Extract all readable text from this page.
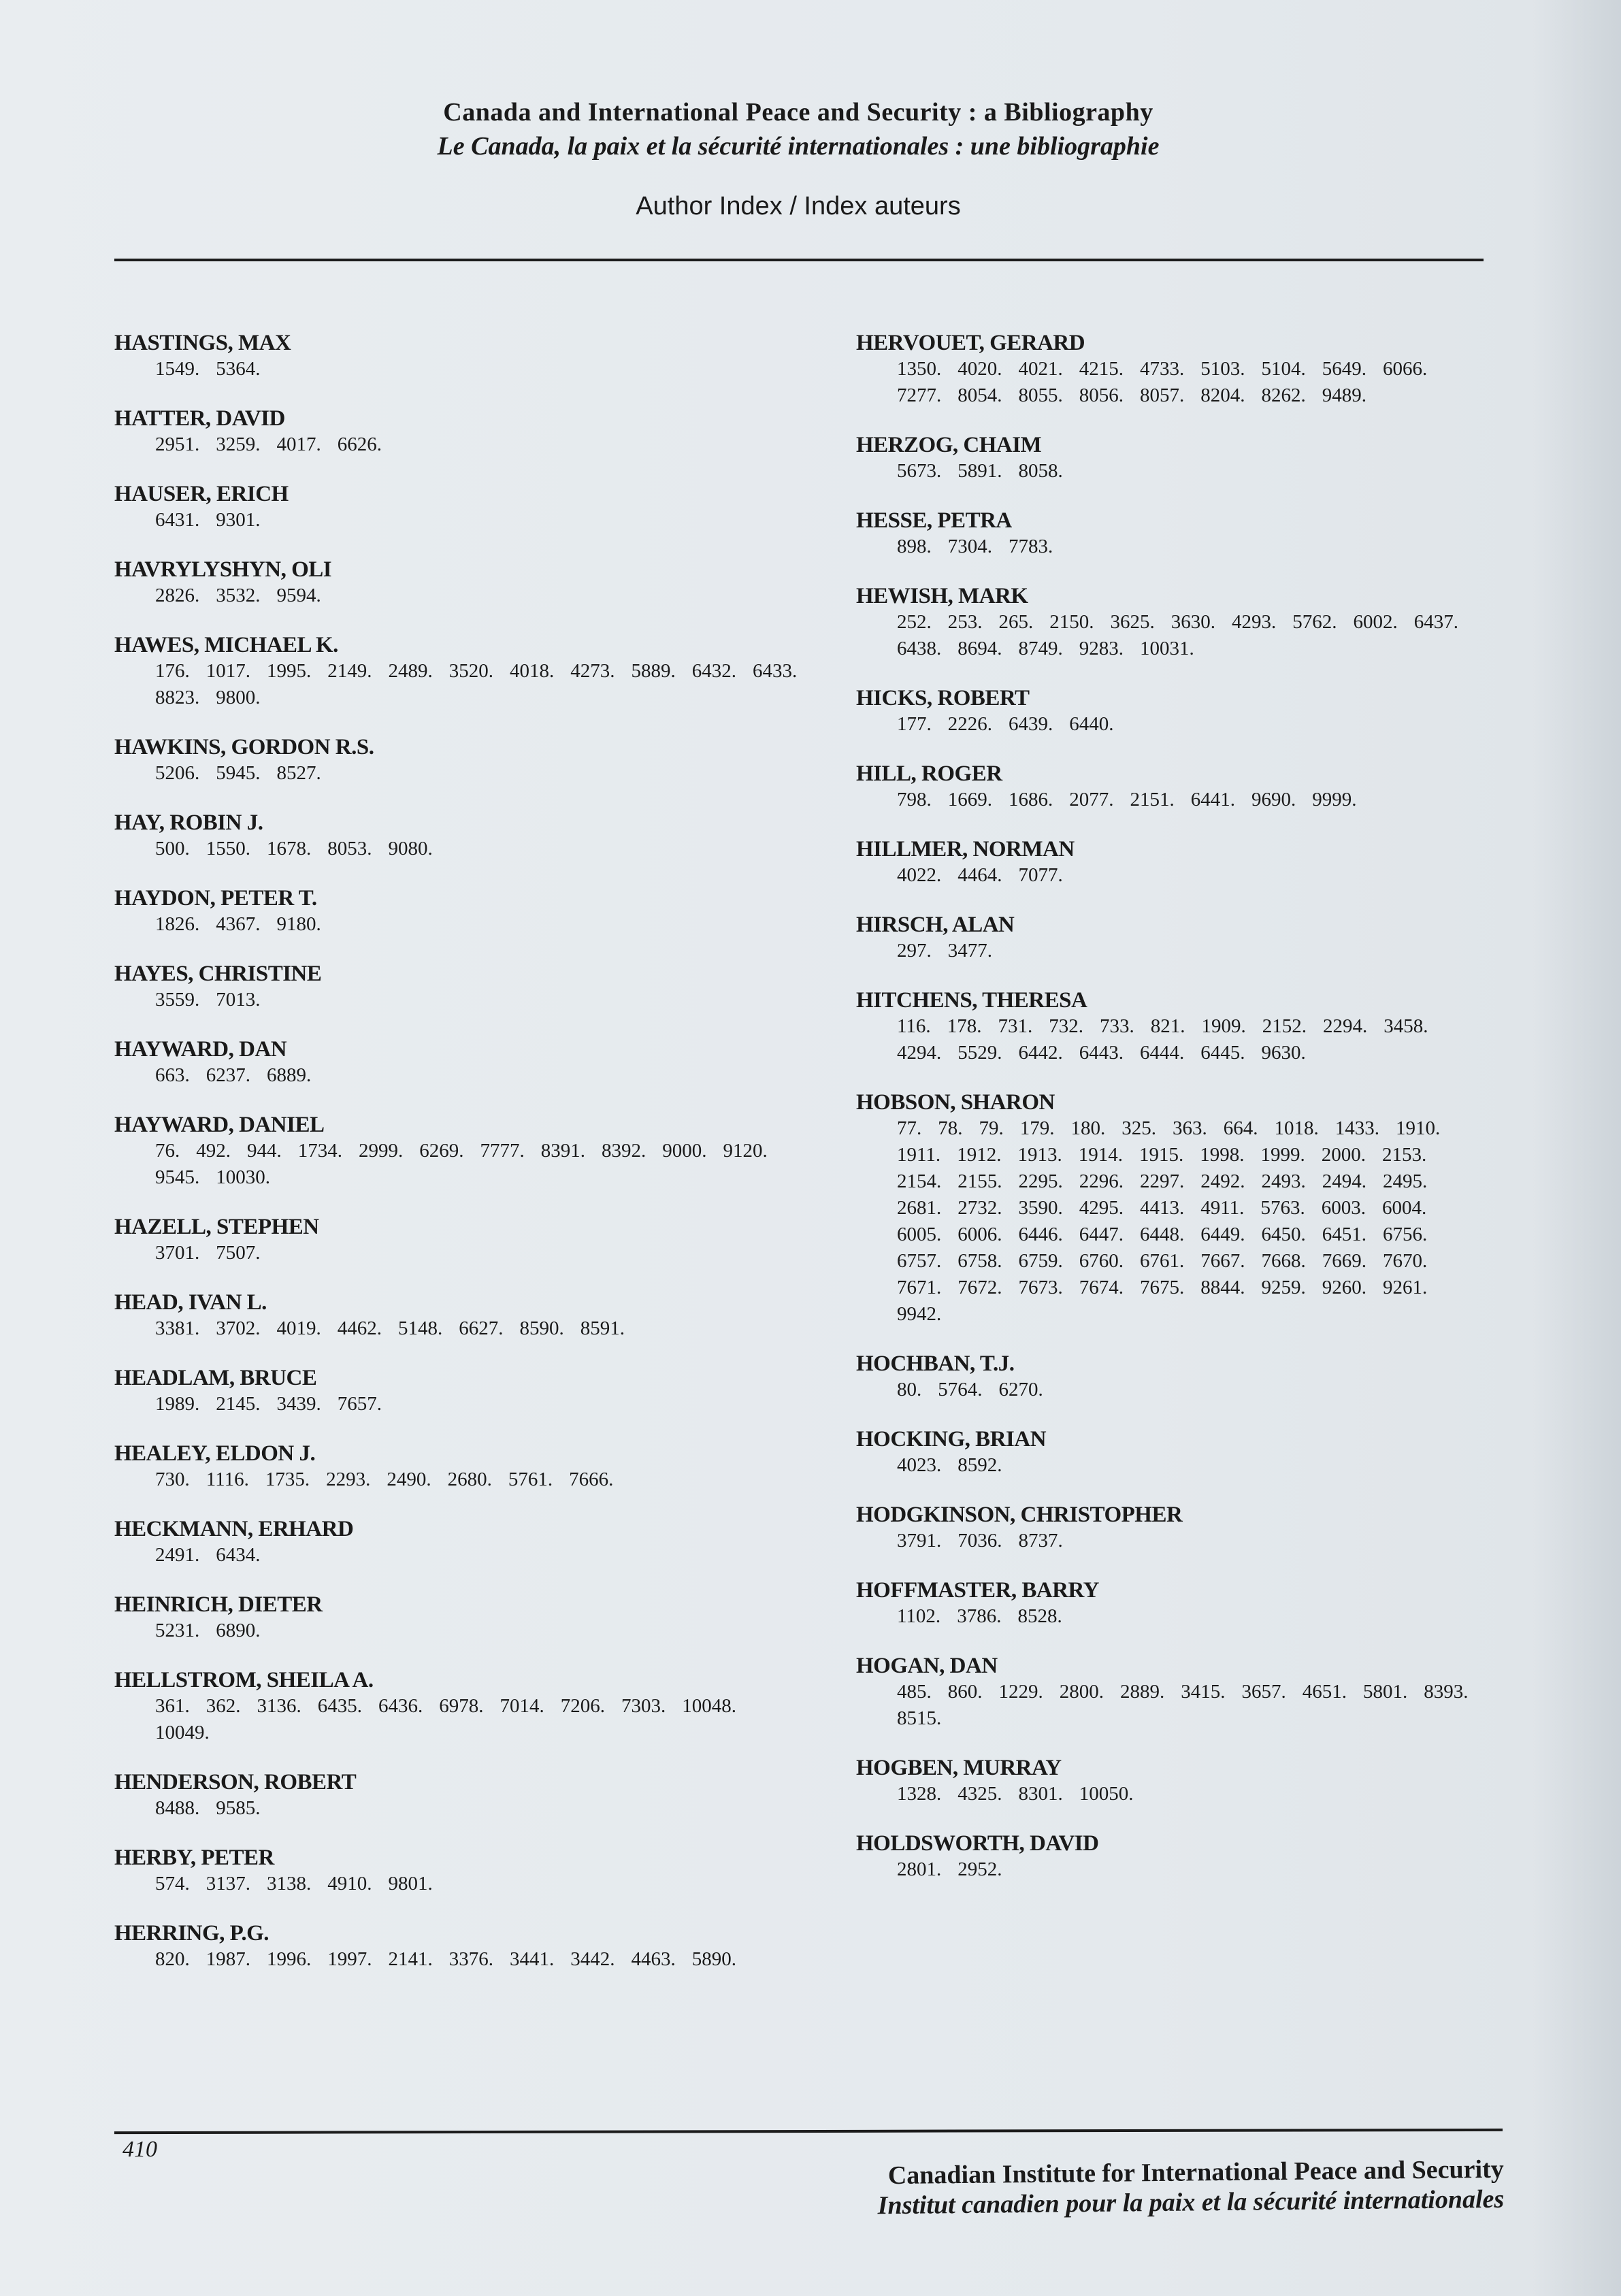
Canada and International Peace and Security : a Bibliography
Le Canada, la paix et la sécurité internationales : une bibliographie
Author Index / Index auteurs
HASTINGS, MAX
1549. 5364.
HATTER, DAVID
2951. 3259. 4017. 6626.
HAUSER, ERICH
6431. 9301.
HAVRYLYSHYN, OLI
2826. 3532. 9594.
HAWES, MICHAEL K.
176. 1017. 1995. 2149. 2489. 3520. 4018. 4273. 5889. 6432. 6433.8823. 9800.
HAWKINS, GORDON R.S.
5206. 5945. 8527.
HAY, ROBIN J.
500. 1550. 1678. 8053. 9080.
HAYDON, PETER T.
1826. 4367. 9180.
HAYES, CHRISTINE
3559. 7013.
HAYWARD, DAN
663. 6237. 6889.
HAYWARD, DANIEL
76. 492. 944. 1734. 2999. 6269. 7777. 8391. 8392. 9000. 9120.9545. 10030.
HAZELL, STEPHEN
3701. 7507.
HEAD, IVAN L.
3381. 3702. 4019. 4462. 5148. 6627. 8590. 8591.
HEADLAM, BRUCE
1989. 2145. 3439. 7657.
HEALEY, ELDON J.
730. 1116. 1735. 2293. 2490. 2680. 5761. 7666.
HECKMANN, ERHARD
2491. 6434.
HEINRICH, DIETER
5231. 6890.
HELLSTROM, SHEILA A.
361. 362. 3136. 6435. 6436. 6978. 7014. 7206. 7303. 10048.10049.
HENDERSON, ROBERT
8488. 9585.
HERBY, PETER
574. 3137. 3138. 4910. 9801.
HERRING, P.G.
820. 1987. 1996. 1997. 2141. 3376. 3441. 3442. 4463. 5890.
HERVOUET, GERARD
1350. 4020. 4021. 4215. 4733. 5103. 5104. 5649. 6066.7277. 8054. 8055. 8056. 8057. 8204. 8262. 9489.
HERZOG, CHAIM
5673. 5891. 8058.
HESSE, PETRA
898. 7304. 7783.
HEWISH, MARK
252. 253. 265. 2150. 3625. 3630. 4293. 5762. 6002. 6437.6438. 8694. 8749. 9283. 10031.
HICKS, ROBERT
177. 2226. 6439. 6440.
HILL, ROGER
798. 1669. 1686. 2077. 2151. 6441. 9690. 9999.
HILLMER, NORMAN
4022. 4464. 7077.
HIRSCH, ALAN
297. 3477.
HITCHENS, THERESA
116. 178. 731. 732. 733. 821. 1909. 2152. 2294. 3458.4294. 5529. 6442. 6443. 6444. 6445. 9630.
HOBSON, SHARON
77. 78. 79. 179. 180. 325. 363. 664. 1018. 1433. 1910.1911. 1912. 1913. 1914. 1915. 1998. 1999. 2000. 2153.2154. 2155. 2295. 2296. 2297. 2492. 2493. 2494. 2495.2681. 2732. 3590. 4295. 4413. 4911. 5763. 6003. 6004.6005. 6006. 6446. 6447. 6448. 6449. 6450. 6451. 6756.6757. 6758. 6759. 6760. 6761. 7667. 7668. 7669. 7670.7671. 7672. 7673. 7674. 7675. 8844. 9259. 9260. 9261.9942.
HOCHBAN, T.J.
80. 5764. 6270.
HOCKING, BRIAN
4023. 8592.
HODGKINSON, CHRISTOPHER
3791. 7036. 8737.
HOFFMASTER, BARRY
1102. 3786. 8528.
HOGAN, DAN
485. 860. 1229. 2800. 2889. 3415. 3657. 4651. 5801. 8393.8515.
HOGBEN, MURRAY
1328. 4325. 8301. 10050.
HOLDSWORTH, DAVID
2801. 2952.
410
Canadian Institute for International Peace and Security
Institut canadien pour la paix et la sécurité internationales
